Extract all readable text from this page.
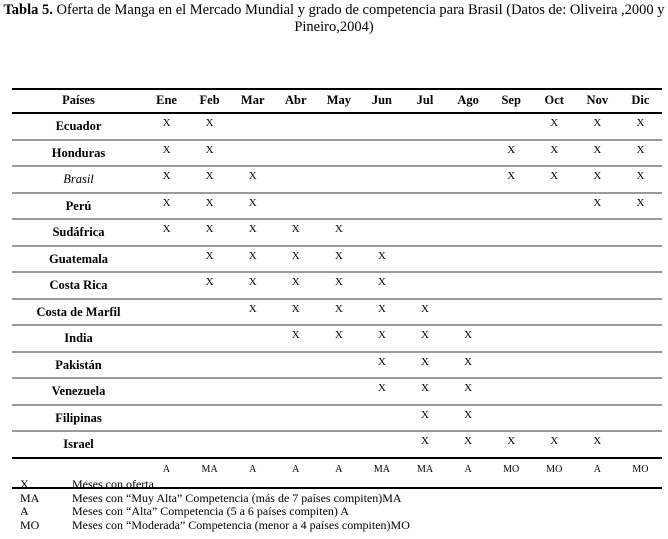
Tabla 5. Oferta de Manga en el Mercado Mundial y grado de competencia para Brasil (Datos de: Oliveira ,2000 y
Pineiro,2004)
Países	Ene	Feb	Mar	Abr	May	Jun	Jul	Ago	Sep	Oct	Nov	Dic
Ecuador	X	X								X	X	X
Honduras	X	X							X	X	X	X
Brasil	X	X	X						X	X	X	X
Perú	X	X	X								X	X
Sudáfrica	X	X	X	X	X							
Guatemala		X	X	X	X	X						
Costa Rica		X	X	X	X	X						
Costa de Marfil			X	X	X	X	X					
India				X	X	X	X	X				
Pakistán						X	X	X				
Venezuela						X	X	X				
Filipinas							X	X				
Israel							X	X	X	X	X	
	A	MA	A	A	A	MA	MA	A	MO	MO	A	MO
X	Meses con oferta
MA	Meses con “Muy Alta” Competencia (más de 7 países compiten)MA
A	Meses con “Alta” Competencia (5 a 6 países compiten) A
MO	Meses con “Moderada” Competencia (menor a 4 países compiten)MO
